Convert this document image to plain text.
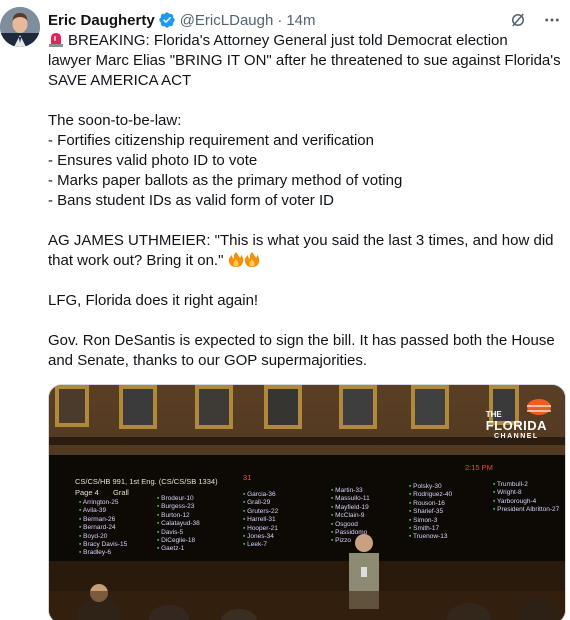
Eric Daugherty @EricLDaugh · 14m
BREAKING: Florida's Attorney General just told Democrat election
lawyer Marc Elias "BRING IT ON" after he threatened to sue against Florida's
SAVE AMERICA ACT
The soon-to-be-law:
- Fortifies citizenship requirement and verification
- Ensures valid photo ID to vote
- Marks paper ballots as the primary method of voting
- Bans student IDs as valid form of voter ID
AG JAMES UTHMEIER: "This is what you said the last 3 times, and how did
that work out? Bring it on."
LFG, Florida does it right again!
Gov. Ron DeSantis is expected to sign the bill. It has passed both the House
and Senate, thanks to our GOP supermajorities.
THE
FLORIDA
CHANNEL
CS/CS/HB 991, 1st Eng. (CS/CS/SB 1334)
Page 4 Grall
31
2:15 PM
▪ Arrington-25
▪ Avila-39
▪ Berman-26
▪ Bernard-24
▪ Boyd-20
▪ Bracy Davis-15
▪ Bradley-6
▪ Brodeur-10
▪ Burgess-23
▪ Burton-12
▪ Calatayud-38
▪ Davis-5
▪ DiCeglie-18
▪ Gaetz-1
▪ Garcia-36
▪ Grall-29
▪ Gruters-22
▪ Harrell-31
▪ Hooper-21
▪ Jones-34
▪ Leek-7
▪ Martin-33
▪ Massullo-11
▪ Mayfield-19
▪ McClain-9
▪ Osgood
▪ Passidomo
▪ Pizzo
▪ Polsky-30
▪ Rodriguez-40
▪ Rouson-16
▪ Sharief-35
▪ Simon-3
▪ Smith-17
▪ Truenow-13
▪ Trumbull-2
▪ Wright-8
▪ Yarborough-4
▪ President Albritton-27
